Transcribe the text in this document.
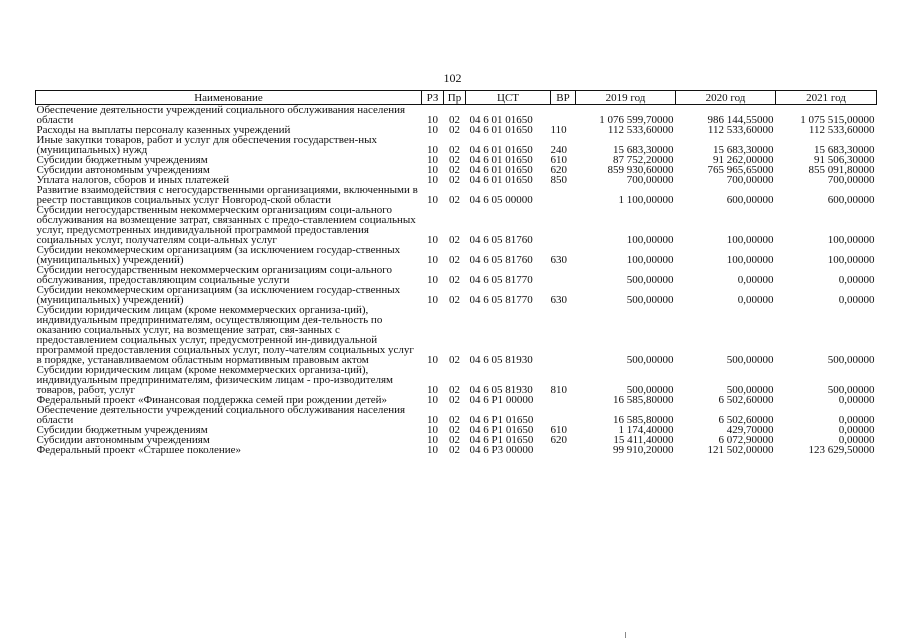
102
Наименование	РЗ	Пр	ЦСТ	ВР	2019 год	2020 год	2021 год
Обеспечение деятельности учреждений социального обслуживания населения области	10	02	04 6 01 01650		1 076 599,70000	986 144,55000	1 075 515,00000
Расходы на выплаты персоналу казенных учреждений	10	02	04 6 01 01650	110	112 533,60000	112 533,60000	112 533,60000
Иные закупки товаров, работ и услуг для обеспечения государствен-ных (муниципальных) нужд	10	02	04 6 01 01650	240	15 683,30000	15 683,30000	15 683,30000
Субсидии бюджетным учреждениям	10	02	04 6 01 01650	610	87 752,20000	91 262,00000	91 506,30000
Субсидии автономным учреждениям	10	02	04 6 01 01650	620	859 930,60000	765 965,65000	855 091,80000
Уплата налогов, сборов и иных платежей	10	02	04 6 01 01650	850	700,00000	700,00000	700,00000
Развитие взаимодействия с негосударственными организациями, включенными в реестр поставщиков социальных услуг Новгород-ской области	10	02	04 6 05 00000		1 100,00000	600,00000	600,00000
Субсидии негосударственным некоммерческим организациям соци-ального обслуживания на возмещение затрат, связанных с предо-ставлением социальных услуг, предусмотренных индивидуальной программой предоставления социальных услуг, получателям соци-альных услуг	10	02	04 6 05 81760		100,00000	100,00000	100,00000
Субсидии некоммерческим организациям (за исключением государ-ственных (муниципальных) учреждений)	10	02	04 6 05 81760	630	100,00000	100,00000	100,00000
Субсидии негосударственным некоммерческим организациям соци-ального обслуживания, предоставляющим социальные услуги	10	02	04 6 05 81770		500,00000	0,00000	0,00000
Субсидии некоммерческим организациям (за исключением государ-ственных (муниципальных) учреждений)	10	02	04 6 05 81770	630	500,00000	0,00000	0,00000
Субсидии юридическим лицам (кроме некоммерческих организа-ций), индивидуальным предпринимателям, осуществляющим дея-тельность по оказанию социальных услуг, на возмещение затрат, свя-занных с предоставлением социальных услуг, предусмотренной ин-дивидуальной программой предоставления социальных услуг, полу-чателям социальных услуг в порядке, устанавливаемом областным нормативным правовым актом	10	02	04 6 05 81930		500,00000	500,00000	500,00000
Субсидии юридическим лицам (кроме некоммерческих организа-ций), индивидуальным предпринимателям, физическим лицам - про-изводителям товаров, работ, услуг	10	02	04 6 05 81930	810	500,00000	500,00000	500,00000
Федеральный проект «Финансовая поддержка семей при рождении детей»	10	02	04 6 P1 00000		16 585,80000	6 502,60000	0,00000
Обеспечение деятельности учреждений социального обслуживания населения области	10	02	04 6 P1 01650		16 585,80000	6 502,60000	0,00000
Субсидии бюджетным учреждениям	10	02	04 6 P1 01650	610	1 174,40000	429,70000	0,00000
Субсидии автономным учреждениям	10	02	04 6 P1 01650	620	15 411,40000	6 072,90000	0,00000
Федеральный проект «Старшее поколение»	10	02	04 6 P3 00000		99 910,20000	121 502,00000	123 629,50000
